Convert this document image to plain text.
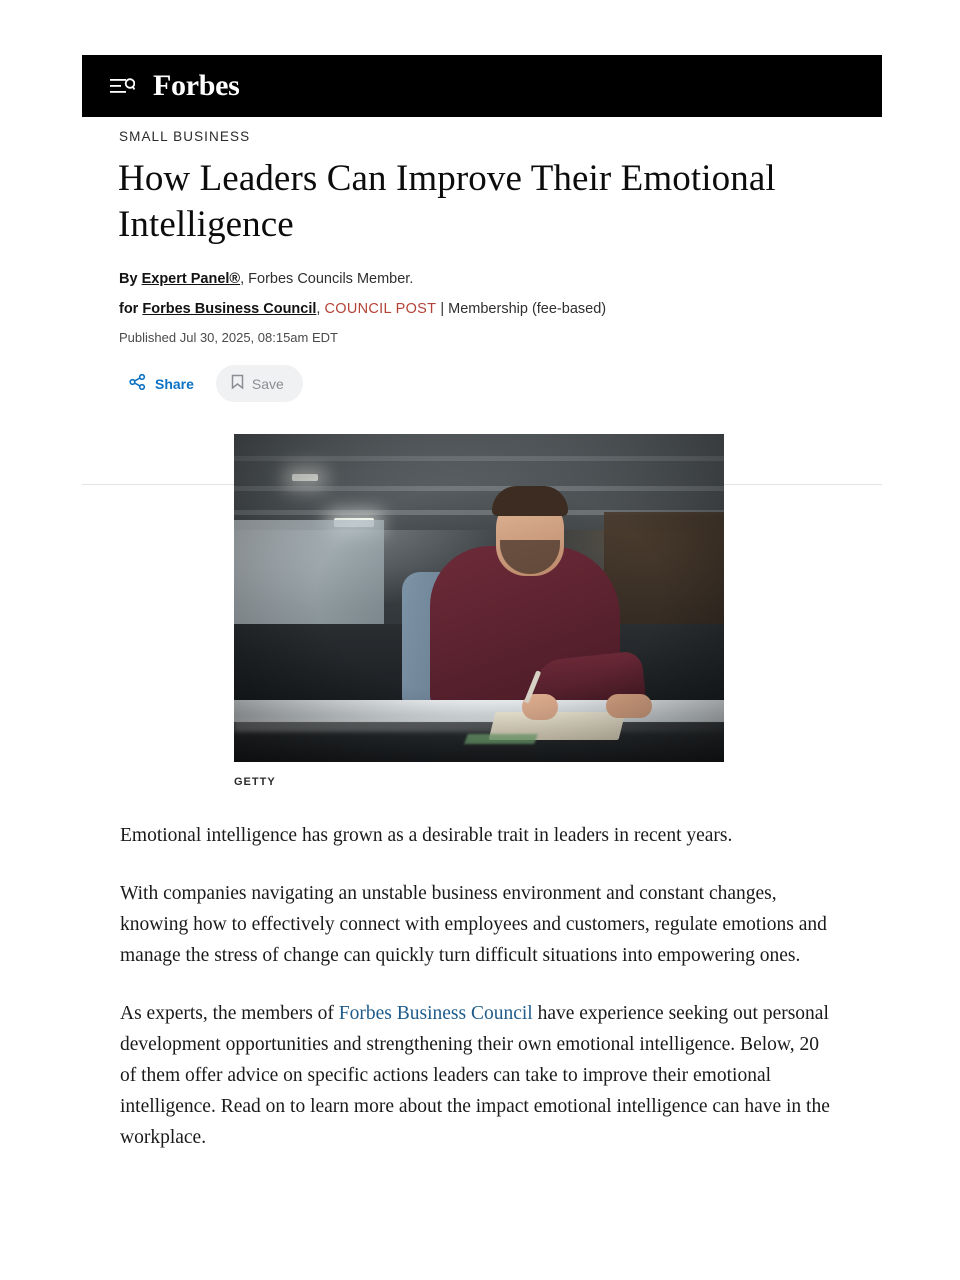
Forbes
SMALL BUSINESS
How Leaders Can Improve Their Emotional Intelligence
By Expert Panel®, Forbes Councils Member.
for Forbes Business Council, COUNCIL POST | Membership (fee-based)
Published Jul 30, 2025, 08:15am EDT
Share	Save
GETTY

Emotional intelligence has grown as a desirable trait in leaders in recent years.

With companies navigating an unstable business environment and constant changes, knowing how to effectively connect with employees and customers, regulate emotions and manage the stress of change can quickly turn difficult situations into empowering ones.

As experts, the members of Forbes Business Council have experience seeking out personal development opportunities and strengthening their own emotional intelligence. Below, 20 of them offer advice on specific actions leaders can take to improve their emotional intelligence. Read on to learn more about the impact emotional intelligence can have in the workplace.
